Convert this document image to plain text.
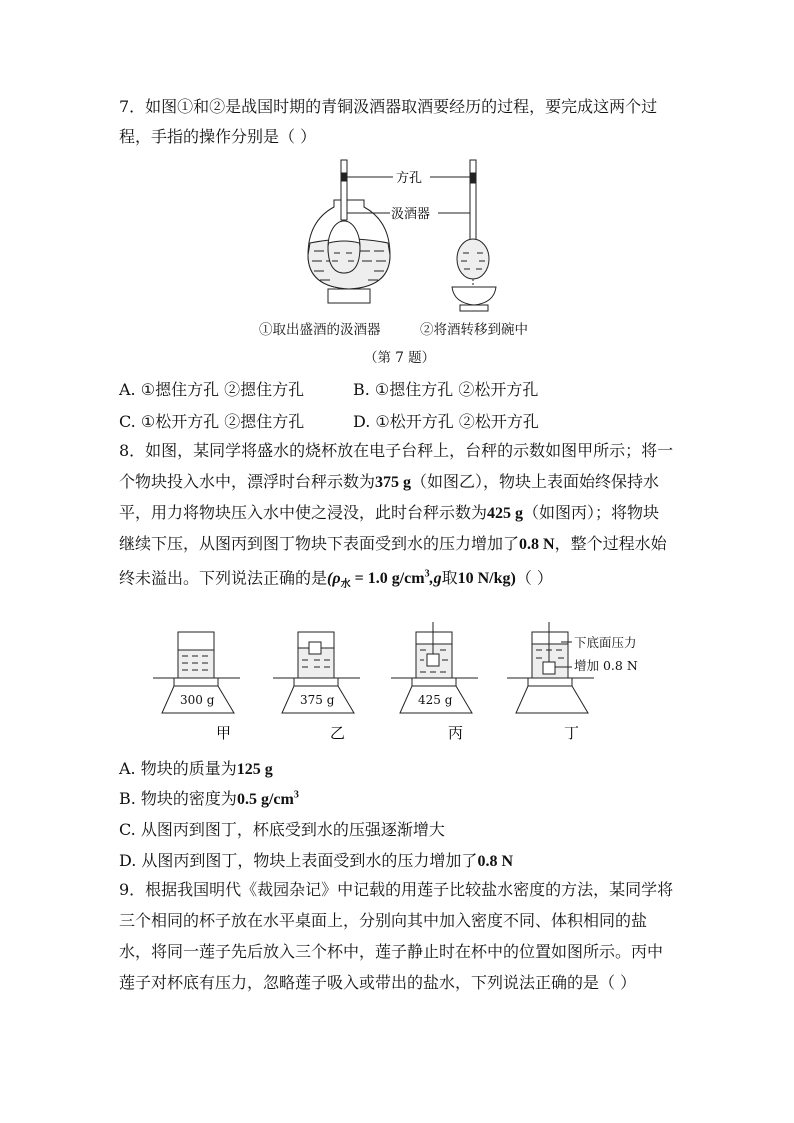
7．如图①和②是战国时期的青铜汲酒器取酒要经历的过程，要完成这两个过
程，手指的操作分别是（ ）
方孔
汲酒器
①取出盛酒的汲酒器	②将酒转移到碗中
（第 7 题）
A. ①摁住方孔 ②摁住方孔	B. ①摁住方孔 ②松开方孔
C. ①松开方孔 ②摁住方孔	D. ①松开方孔 ②松开方孔
8．如图，某同学将盛水的烧杯放在电子台秤上，台秤的示数如图甲所示；将一
个物块投入水中，漂浮时台秤示数为375 g（如图乙），物块上表面始终保持水
平，用力将物块压入水中使之浸没，此时台秤示数为425 g（如图丙）；将物块
继续下压，从图丙到图丁物块下表面受到水的压力增加了0.8 N，整个过程水始
终未溢出。下列说法正确的是($\rho_水 = 1.0$ $g/cm^3,g$取10 N/kg)（ ）
300 g	375 g	425 g
下底面压力
增加 0.8 N
甲	乙	丙	丁
A. 物块的质量为125 g
B. 物块的密度为0.5 $g/cm^3$
C. 从图丙到图丁，杯底受到水的压强逐渐增大
D. 从图丙到图丁，物块上表面受到水的压力增加了0.8 N
9．根据我国明代《裁园杂记》中记载的用莲子比较盐水密度的方法，某同学将
三个相同的杯子放在水平桌面上，分别向其中加入密度不同、体积相同的盐
水，将同一莲子先后放入三个杯中，莲子静止时在杯中的位置如图所示。丙中
莲子对杯底有压力，忽略莲子吸入或带出的盐水，下列说法正确的是（ ）
